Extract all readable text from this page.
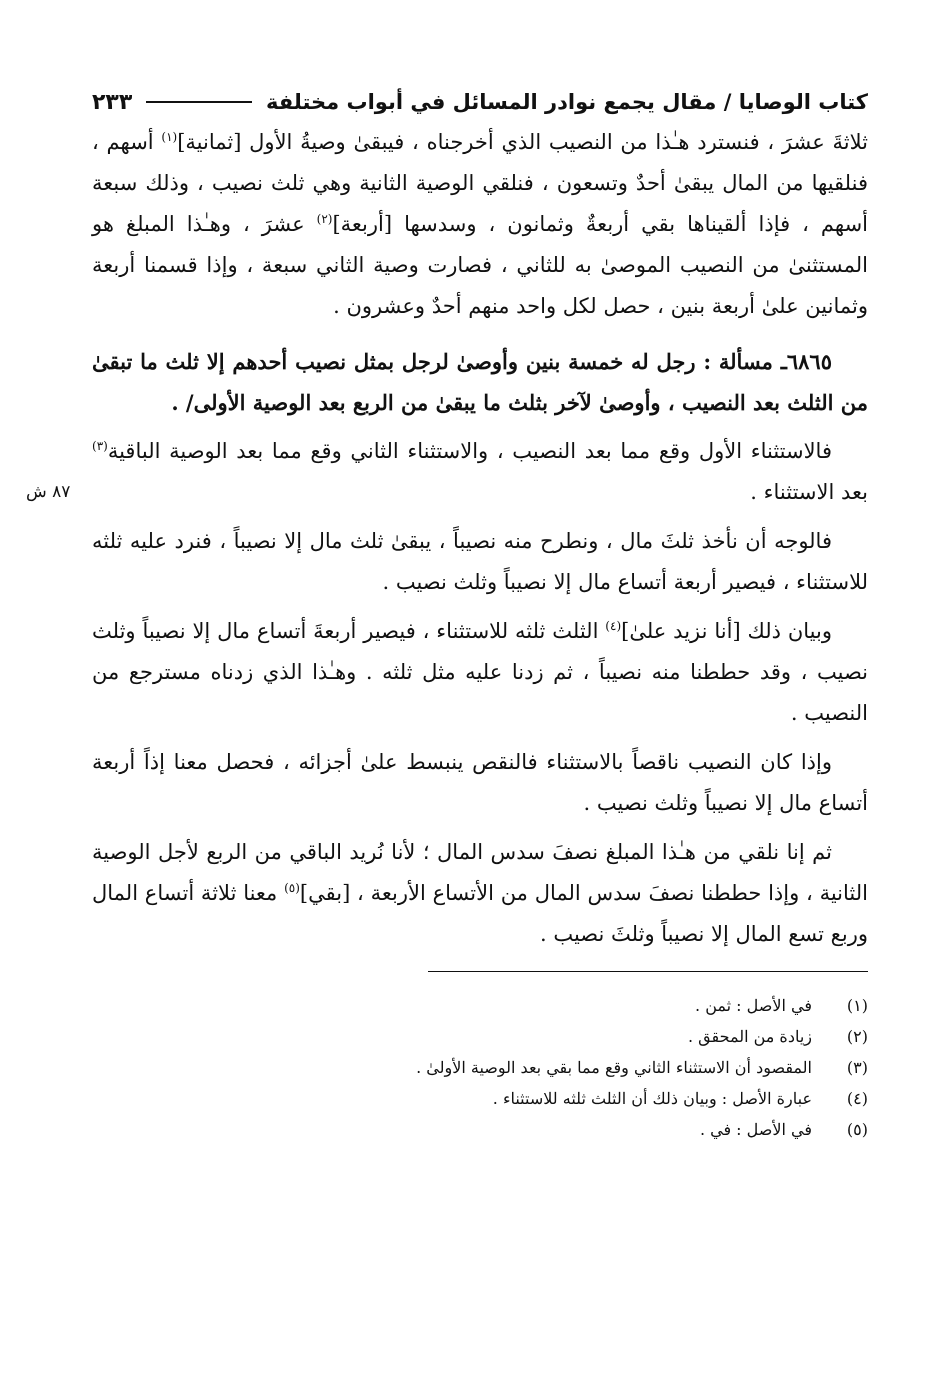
٨٧ ش
كتاب الوصايا / مقال يجمع نوادر المسائل في أبواب مختلفة
٢٣٣

ثلاثةَ عشرَ ، فنسترد هـٰذا من النصيب الذي أخرجناه ، فيبقىٰ وصيةُ الأول [ثمانية]$^{(١)}$ أسهم ، فنلقيها من المال يبقىٰ أحدٌ وتسعون ، فنلقي الوصية الثانية وهي ثلث نصيب ، وذلك سبعة أسهم ، فإذا ألقيناها بقي أربعةٌ وثمانون ، وسدسها [أربعة]$^{(٢)}$ عشرَ ، وهـٰذا المبلغ هو المستثنىٰ من النصيب الموصىٰ به للثاني ، فصارت وصية الثاني سبعة ، وإذا قسمنا أربعة وثمانين علىٰ أربعة بنين ، حصل لكل واحد منهم أحدٌ وعشرون .

٦٨٦٥ـ مسألة : رجل له خمسة بنين وأوصىٰ لرجل بمثل نصيب أحدهم إلا ثلث ما تبقىٰ من الثلث بعد النصيب ، وأوصىٰ لآخر بثلث ما يبقىٰ من الربع بعد الوصية الأولى/ .

فالاستثناء الأول وقع مما بعد النصيب ، والاستثناء الثاني وقع مما بعد الوصية الباقية$^{(٣)}$ بعد الاستثناء .

فالوجه أن نأخذ ثلثَ مال ، ونطرح منه نصيباً ، يبقىٰ ثلث مال إلا نصيباً ، فنرد عليه ثلثه للاستثناء ، فيصير أربعة أتساع مال إلا نصيباً وثلث نصيب .

وبيان ذلك [أنا نزيد علىٰ]$^{(٤)}$ الثلث ثلثه للاستثناء ، فيصير أربعةَ أتساع مال إلا نصيباً وثلث نصيب ، وقد حططنا منه نصيباً ، ثم زدنا عليه مثل ثلثه . وهـٰذا الذي زدناه مسترجع من النصيب .

وإذا كان النصيب ناقصاً بالاستثناء فالنقص ينبسط علىٰ أجزائه ، فحصل معنا إذاً أربعة أتساع مال إلا نصيباً وثلث نصيب .

ثم إنا نلقي من هـٰذا المبلغ نصفَ سدس المال ؛ لأنا نُريد الباقي من الربع لأجل الوصية الثانية ، وإذا حططنا نصفَ سدس المال من الأتساع الأربعة ، [بقي]$^{(٥)}$ معنا ثلاثة أتساع المال وربع تسع المال إلا نصيباً وثلثَ نصيب .

(١)
في الأصل : ثمن .
(٢)
زيادة من المحقق .
(٣)
المقصود أن الاستثناء الثاني وقع مما بقي بعد الوصية الأولىٰ .
(٤)
عبارة الأصل : وبيان ذلك أن الثلث ثلثه للاستثناء .
(٥)
في الأصل : في .
